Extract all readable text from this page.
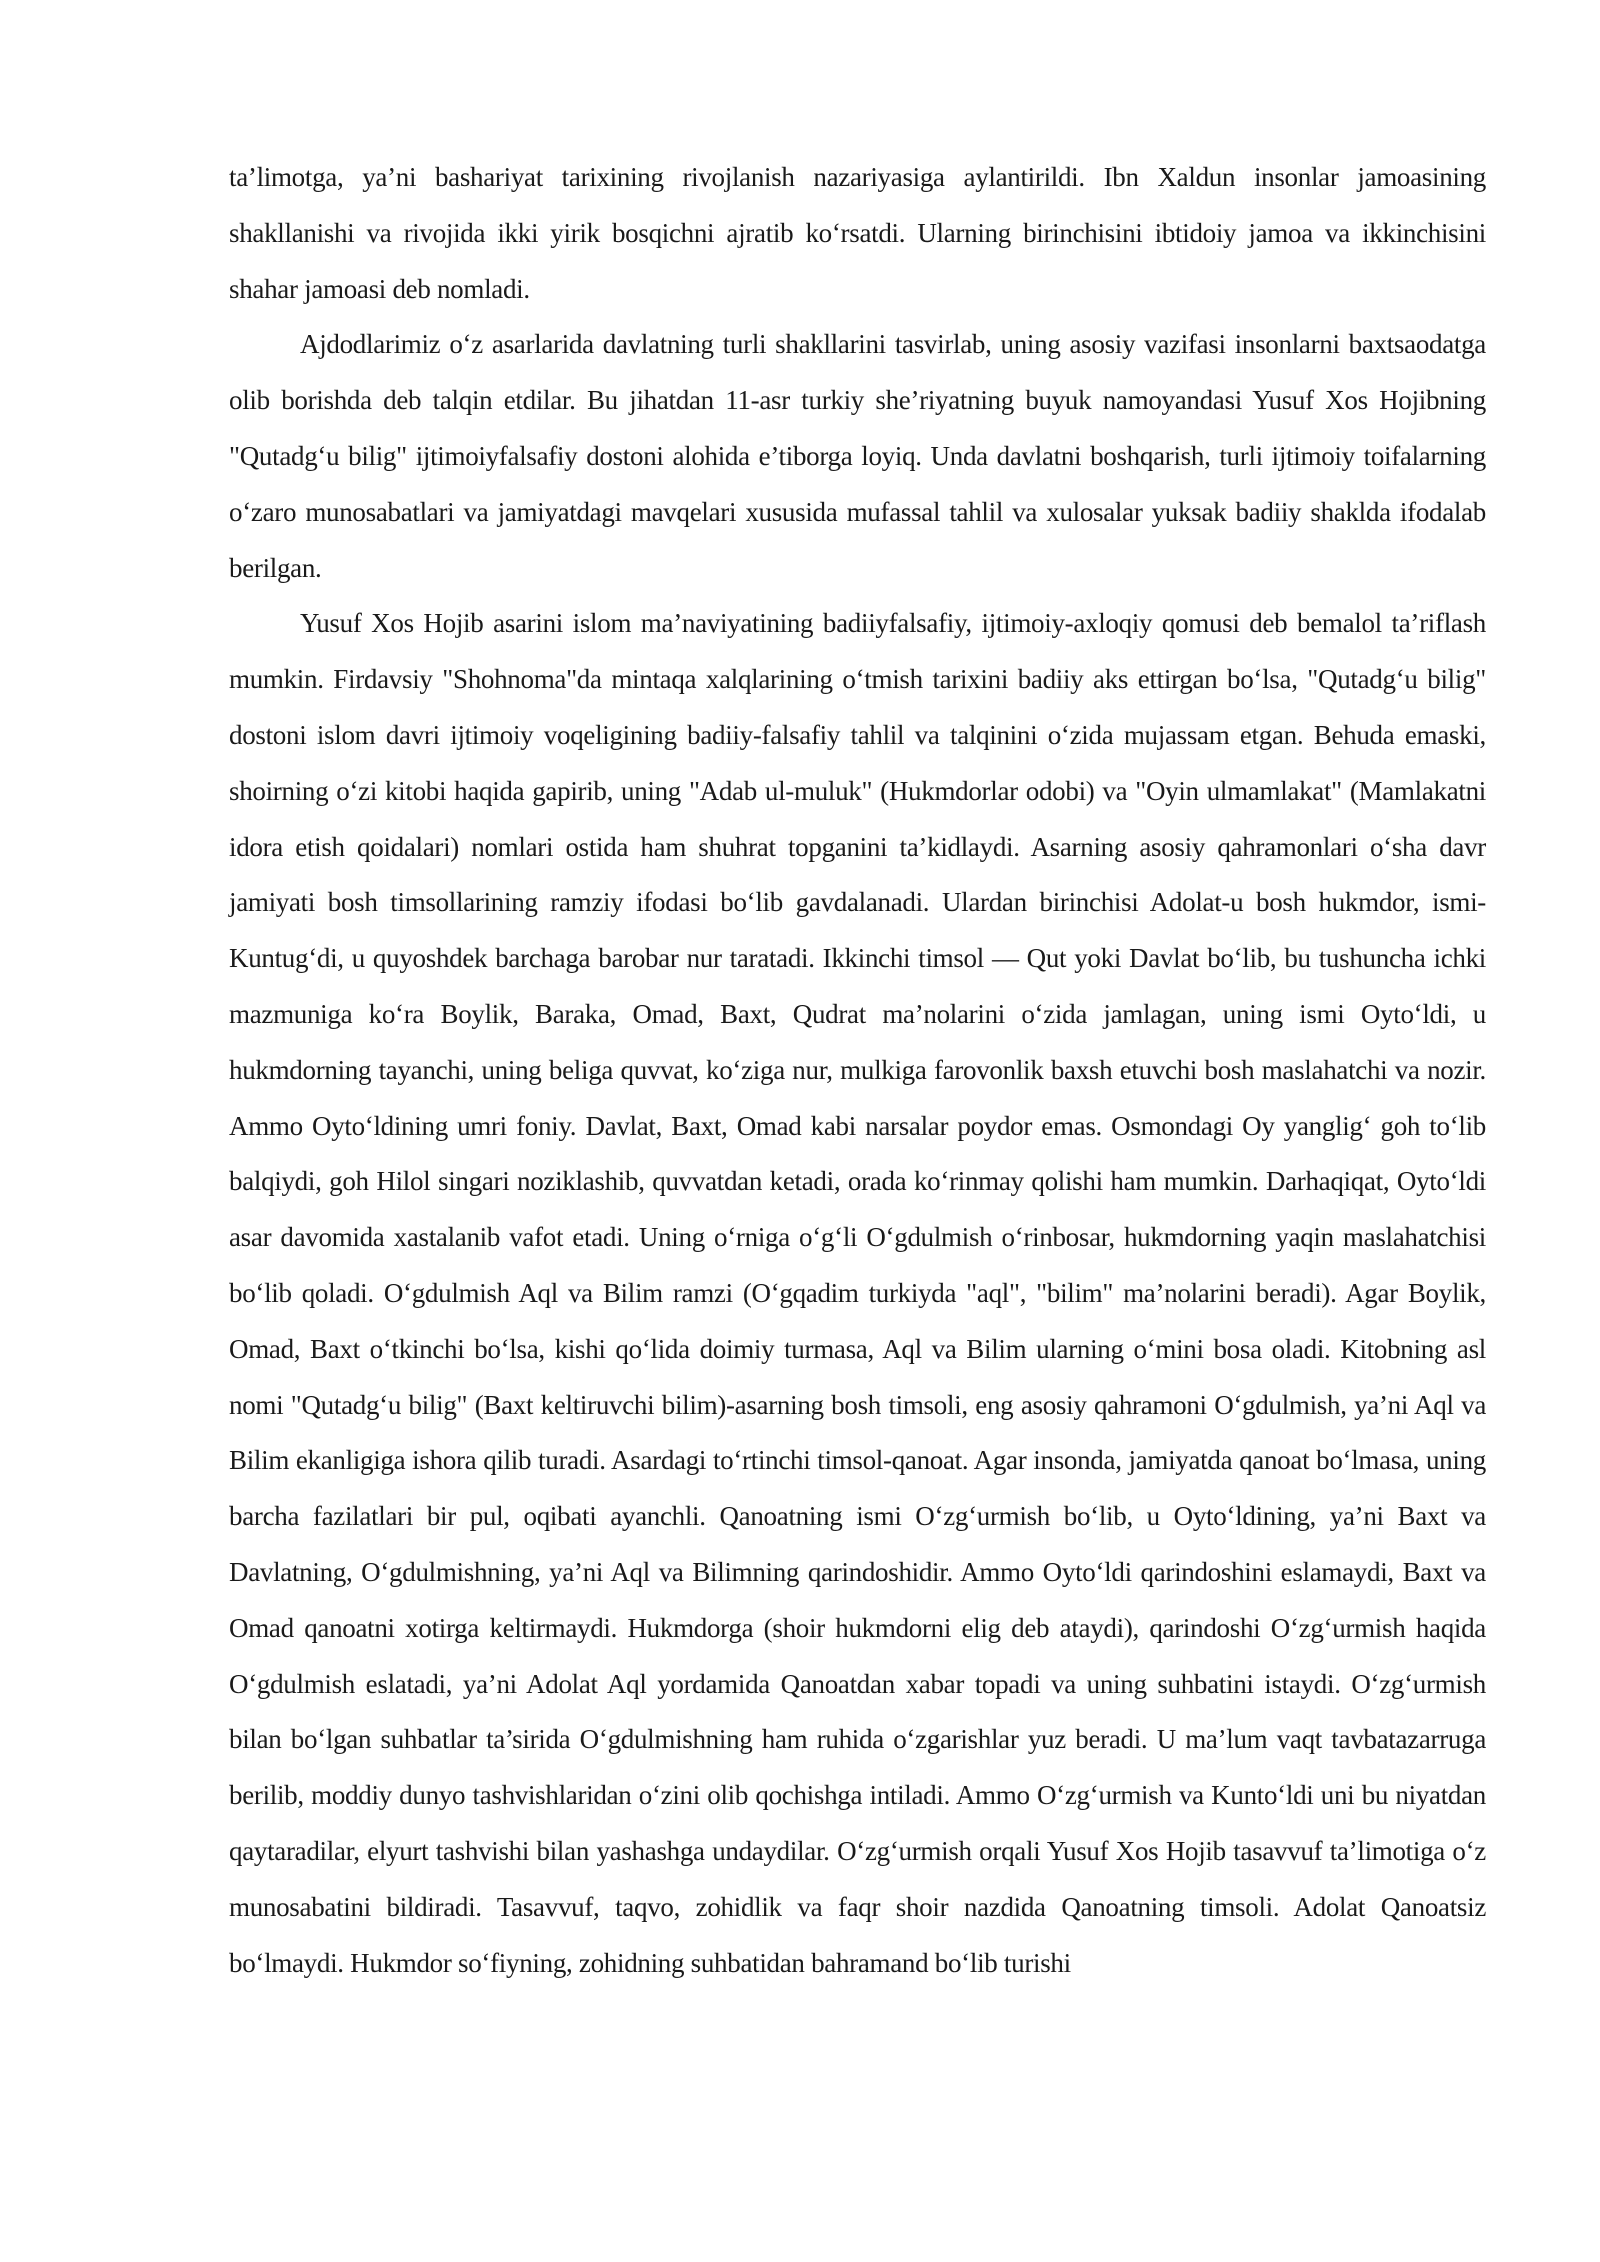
ta’limotga, ya’ni bashariyat tarixining rivojlanish nazariyasiga aylantirildi. Ibn Xaldun insonlar jamoasining shakllanishi va rivojida ikki yirik bosqichni ajratib ko‘rsatdi. Ularning birinchisini ibtidoiy jamoa va ikkinchisini shahar jamoasi deb nomladi.

Ajdodlarimiz o‘z asarlarida davlatning turli shakllarini tasvirlab, uning asosiy vazifasi insonlarni baxtsaodatga olib borishda deb talqin etdilar. Bu jihatdan 11-asr turkiy she’riyatning buyuk namoyandasi Yusuf Xos Hojibning "Qutadg‘u bilig" ijtimoiyfalsafiy dostoni alohida e’tiborga loyiq. Unda davlatni boshqarish, turli ijtimoiy toifalarning o‘zaro munosabatlari va jamiyatdagi mavqelari xususida mufassal tahlil va xulosalar yuksak badiiy shaklda ifodalab berilgan.

Yusuf Xos Hojib asarini islom ma’naviyatining badiiyfalsafiy, ijtimoiy-axloqiy qomusi deb bemalol ta’riflash mumkin. Firdavsiy "Shohnoma"da mintaqa xalqlarining o‘tmish tarixini badiiy aks ettirgan bo‘lsa, "Qutadg‘u bilig" dostoni islom davri ijtimoiy voqeligining badiiy-falsafiy tahlil va talqinini o‘zida mujassam etgan. Behuda emaski, shoirning o‘zi kitobi haqida gapirib, uning "Adab ul-muluk" (Hukmdorlar odobi) va "Oyin ulmamlakat" (Mamlakatni idora etish qoidalari) nomlari ostida ham shuhrat topganini ta’kidlaydi. Asarning asosiy qahramonlari o‘sha davr jamiyati bosh timsollarining ramziy ifodasi bo‘lib gavdalanadi. Ulardan birinchisi Adolat-u bosh hukmdor, ismi-Kuntug‘di, u quyoshdek barchaga barobar nur taratadi. Ikkinchi timsol — Qut yoki Davlat bo‘lib, bu tushuncha ichki mazmuniga ko‘ra Boylik, Baraka, Omad, Baxt, Qudrat ma’nolarini o‘zida jamlagan, uning ismi Oyto‘ldi, u hukmdorning tayanchi, uning beliga quvvat, ko‘ziga nur, mulkiga farovonlik baxsh etuvchi bosh maslahatchi va nozir. Ammo Oyto‘ldining umri foniy. Davlat, Baxt, Omad kabi narsalar poydor emas. Osmondagi Oy yanglig‘ goh to‘lib balqiydi, goh Hilol singari noziklashib, quvvatdan ketadi, orada ko‘rinmay qolishi ham mumkin. Darhaqiqat, Oyto‘ldi asar davomida xastalanib vafot etadi. Uning o‘rniga o‘g‘li O‘gdulmish o‘rinbosar, hukmdorning yaqin maslahatchisi bo‘lib qoladi. O‘gdulmish Aql va Bilim ramzi (O‘gqadim turkiyda "aql", "bilim" ma’nolarini beradi). Agar Boylik, Omad, Baxt o‘tkinchi bo‘lsa, kishi qo‘lida doimiy turmasa, Aql va Bilim ularning o‘mini bosa oladi. Kitobning asl nomi "Qutadg‘u bilig" (Baxt keltiruvchi bilim)-asarning bosh timsoli, eng asosiy qahramoni O‘gdulmish, ya’ni Aql va Bilim ekanligiga ishora qilib turadi. Asardagi to‘rtinchi timsol-qanoat. Agar insonda, jamiyatda qanoat bo‘lmasa, uning barcha fazilatlari bir pul, oqibati ayanchli. Qanoatning ismi O‘zg‘urmish bo‘lib, u Oyto‘ldining, ya’ni Baxt va Davlatning, O‘gdulmishning, ya’ni Aql va Bilimning qarindoshidir. Ammo Oyto‘ldi qarindoshini eslamaydi, Baxt va Omad qanoatni xotirga keltirmaydi. Hukmdorga (shoir hukmdorni elig deb ataydi), qarindoshi O‘zg‘urmish haqida O‘gdulmish eslatadi, ya’ni Adolat Aql yordamida Qanoatdan xabar topadi va uning suhbatini istaydi. O‘zg‘urmish bilan bo‘lgan suhbatlar ta’sirida O‘gdulmishning ham ruhida o‘zgarishlar yuz beradi. U ma’lum vaqt tavbatazarruga berilib, moddiy dunyo tashvishlaridan o‘zini olib qochishga intiladi. Ammo O‘zg‘urmish va Kunto‘ldi uni bu niyatdan qaytaradilar, elyurt tashvishi bilan yashashga undaydilar. O‘zg‘urmish orqali Yusuf Xos Hojib tasavvuf ta’limotiga o‘z munosabatini bildiradi. Tasavvuf, taqvo, zohidlik va faqr shoir nazdida Qanoatning timsoli. Adolat Qanoatsiz bo‘lmaydi. Hukmdor so‘fiyning, zohidning suhbatidan bahramand bo‘lib turishi
